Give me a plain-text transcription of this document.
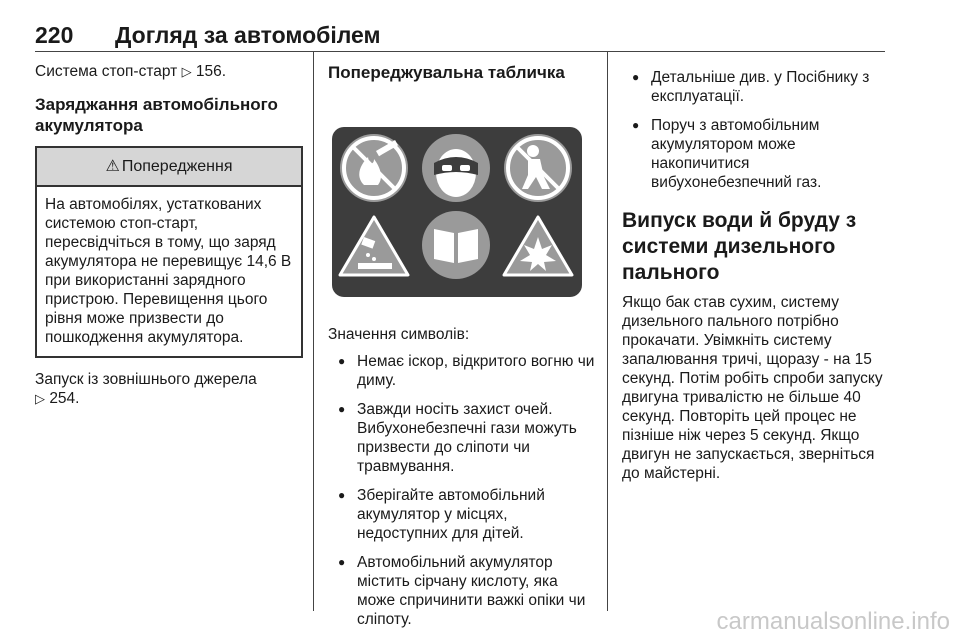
220 Догляд за автомобілем

Система стоп-старт ▷ 156.

Заряджання автомобільного акумулятора
⚠ Попередження
На автомобілях, устаткованих системою стоп-старт, пересвідчіться в тому, що заряд акумулятора не перевищує 14,6 В при використанні зарядного пристрою. Перевищення цього рівня може призвести до пошкодження акумулятора.

Запуск із зовнішнього джерела
▷ 254.

Попереджувальна табличка

Значення символів:

● Немає іскор, відкритого вогню чи диму.
● Завжди носіть захист очей. Вибухонебезпечні гази можуть призвести до сліпоти чи травмування.
● Зберігайте автомобільний акумулятор у місцях, недоступних для дітей.
● Автомобільний акумулятор містить сірчану кислоту, яка може спричинити важкі опіки чи сліпоту.
● Детальніше див. у Посібнику з експлуатації.
● Поруч з автомобільним акумулятором може накопичитися вибухонебезпечний газ.
Випуск води й бруду з системи дизельного пального

Якщо бак став сухим, систему дизельного пального потрібно прокачати. Увімкніть систему запалювання тричі, щоразу - на 15 секунд. Потім робіть спроби запуску двигуна тривалістю не більше 40 секунд. Повторіть цей процес не пізніше ніж через 5 секунд. Якщо двигун не запускається, зверніться до майстерні.

carmanualsonline.info
